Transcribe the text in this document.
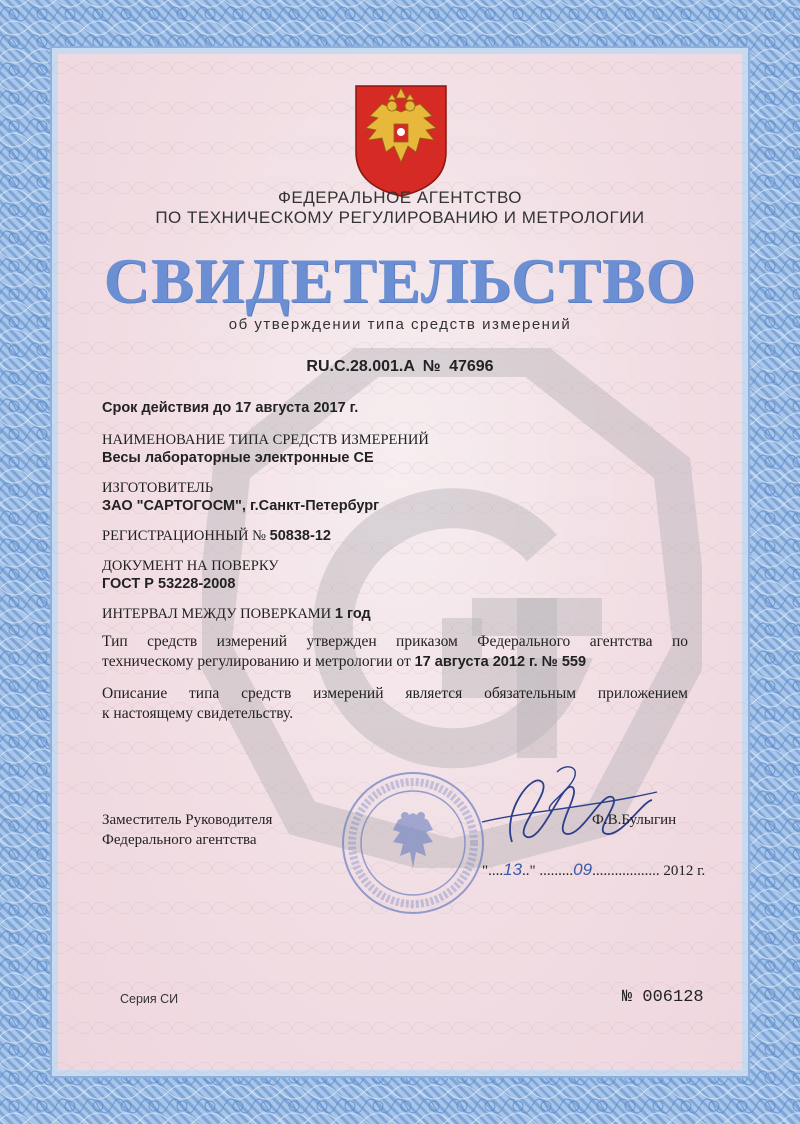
ФЕДЕРАЛЬНОЕ АГЕНТСТВО
ПО ТЕХНИЧЕСКОМУ РЕГУЛИРОВАНИЮ И МЕТРОЛОГИИ
СВИДЕТЕЛЬСТВО
об утверждении типа средств измерений
RU.C.28.001.A № 47696
Срок действия до 17 августа 2017 г.
НАИМЕНОВАНИЕ ТИПА СРЕДСТВ ИЗМЕРЕНИЙ
Весы лабораторные электронные СЕ
ИЗГОТОВИТЕЛЬ
ЗАО "САРТОГОСМ", г.Санкт-Петербург
РЕГИСТРАЦИОННЫЙ № 50838-12
ДОКУМЕНТ НА ПОВЕРКУ
ГОСТ Р 53228-2008
ИНТЕРВАЛ МЕЖДУ ПОВЕРКАМИ 1 год
Тип средств измерений утвержден приказом Федерального агентства по
техническому регулированию и метрологии от 17 августа 2012 г. № 559
Описание типа средств измерений является обязательным приложением
к настоящему свидетельству.
Заместитель Руководителя
Федерального агентства
Ф.В.Булыгин
"....13.." .........09.................. 2012 г.
Серия СИ	№ 006128
